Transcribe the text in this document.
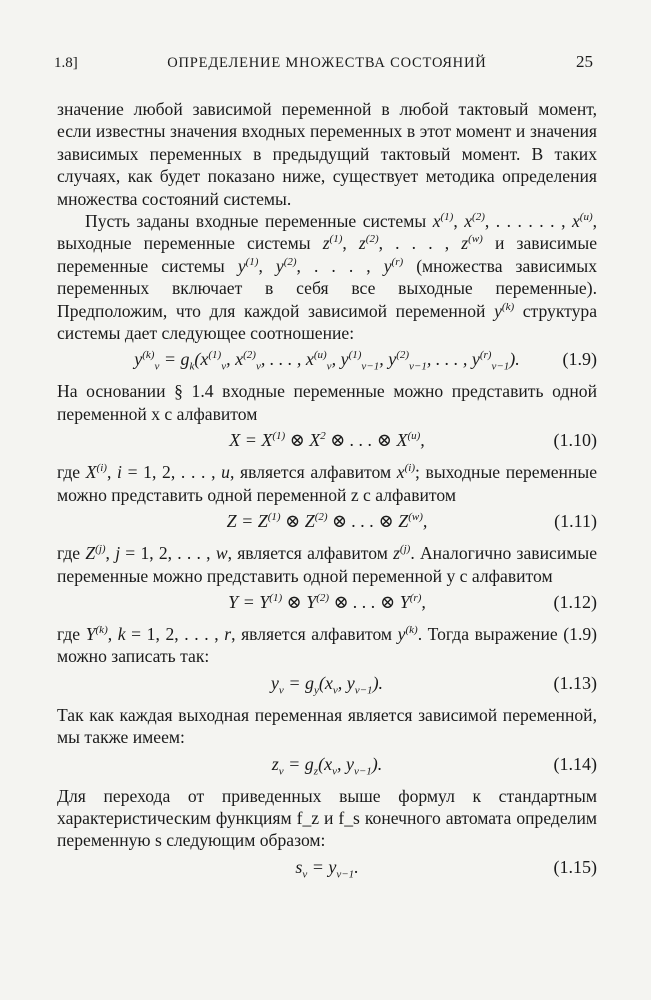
1.8]	ОПРЕДЕЛЕНИЕ МНОЖЕСТВА СОСТОЯНИЙ	25

значение любой зависимой переменной в любой тактовый момент, если известны значения входных переменных в этот момент и значения зависимых переменных в предыдущий тактовый момент. В таких случаях, как будет показано ниже, существует методика определения множества состояний системы.

Пусть заданы входные переменные системы $x^{(1)}$, $x^{(2)}$, . . . . . . , $x^{(u)}$, выходные переменные системы $z^{(1)}$, $z^{(2)}$, . . . , $z^{(w)}$ и зависимые переменные системы $y^{(1)}$, $y^{(2)}$, . . . , $y^{(r)}$ (множества зависимых переменных включает в себя все выходные переменные). Предположим, что для каждой зависимой переменной $y^{(k)}$ структура системы дает следующее соотношение:

$y^{(k)}_\nu = g_k(x^{(1)}_\nu$, $x^{(2)}_\nu$, . . . , $x^{(u)}_\nu$, $y^{(1)}_{\nu-1}$, $y^{(2)}_{\nu-1}$, . . . , $y^{(r)}_{\nu-1}$). (1.9)

На основании § 1.4 входные переменные можно представить одной переменной x с алфавитом

$X = X^{(1)}$ ⊗ $X^2$ ⊗ . . . ⊗ $X^{(u)}$,	(1.10)

где $X^{(i)}$, i = 1, 2, . . . , u, является алфавитом $x^{(i)}$; выходные переменные можно представить одной переменной z с алфавитом

$Z = Z^{(1)}$ ⊗ $Z^{(2)}$ ⊗ . . . ⊗ $Z^{(w)}$,	(1.11)

где $Z^{(j)}$, j = 1, 2, . . . , w, является алфавитом $z^{(j)}$. Аналогично зависимые переменные можно представить одной переменной y с алфавитом

$Y = Y^{(1)}$ ⊗ $Y^{(2)}$ ⊗ . . . ⊗ $Y^{(r)}$,	(1.12)

где $Y^{(k)}$, k = 1, 2, . . . , r, является алфавитом $y^{(k)}$. Тогда выражение (1.9) можно записать так:

$y_\nu = g_y(x_\nu$, $y_{\nu-1}$).	(1.13)

Так как каждая выходная переменная является зависимой переменной, мы также имеем:

$z_\nu = g_z(x_\nu$, $y_{\nu-1}$).	(1.14)

Для перехода от приведенных выше формул к стандартным характеристическим функциям f_z и f_s конечного автомата определим переменную s следующим образом:

$s_\nu = y_{\nu-1}$.	(1.15)
